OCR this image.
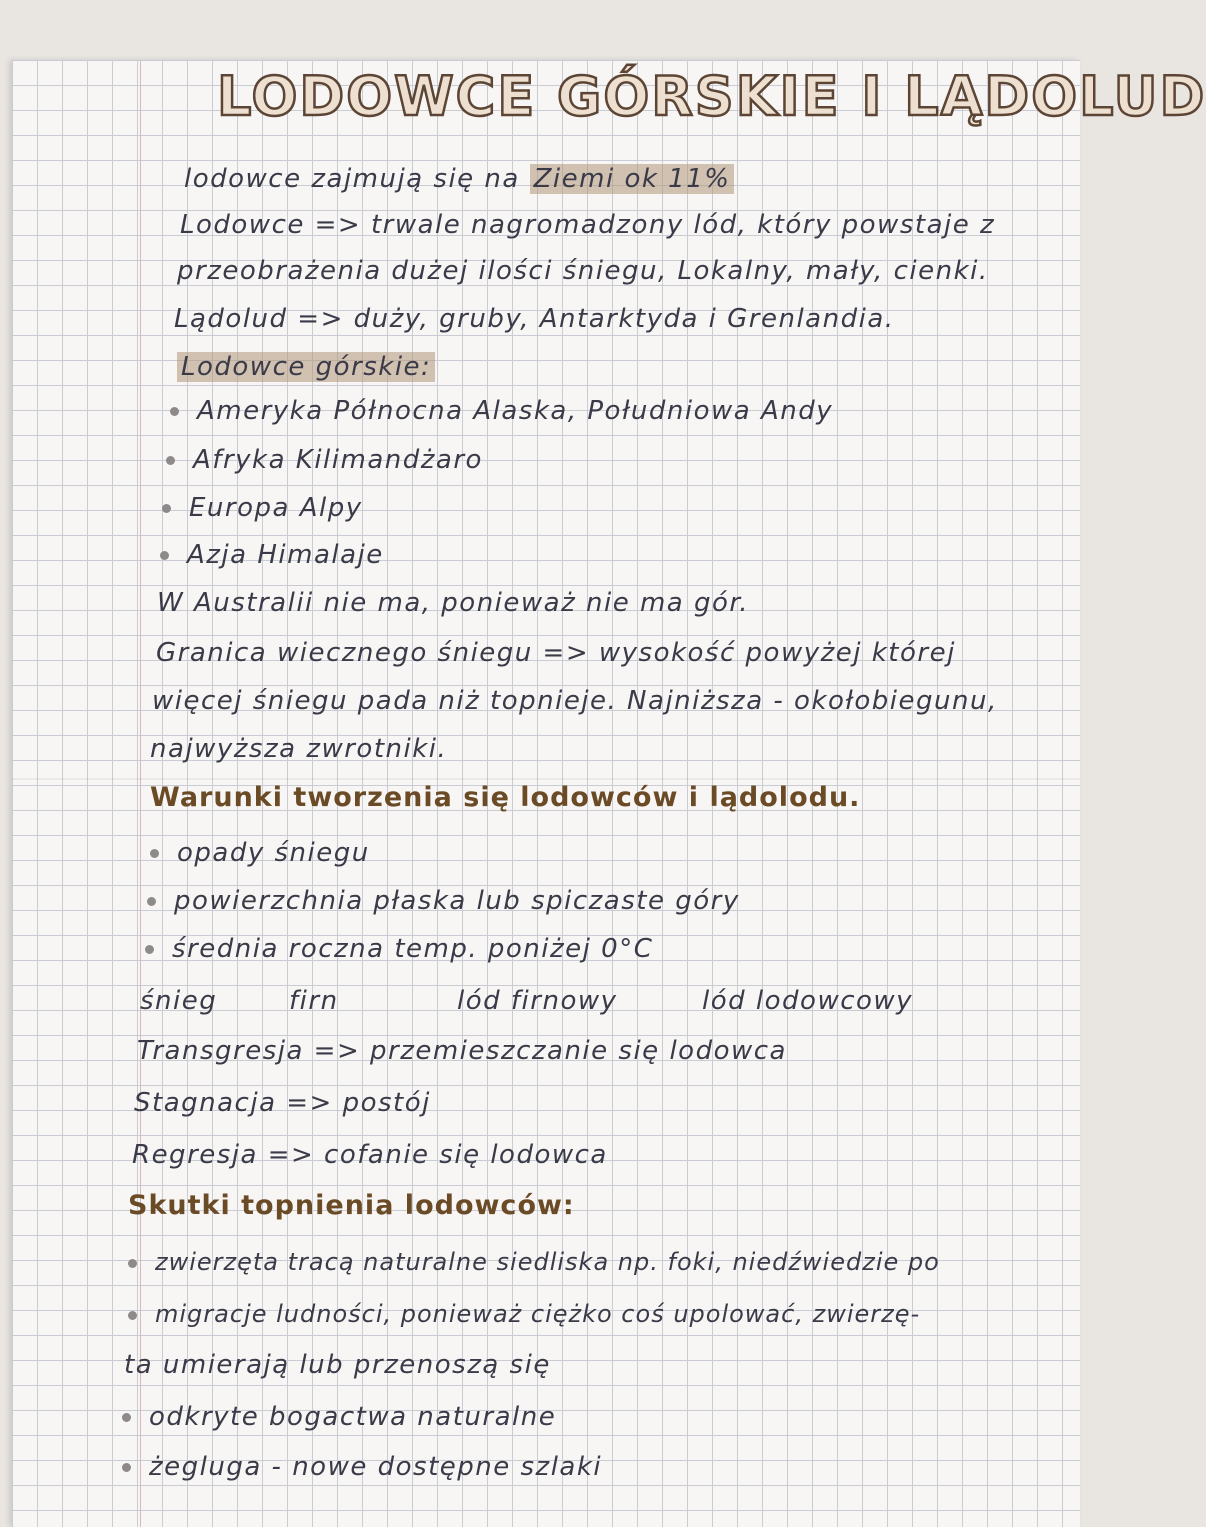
LODOWCE GÓRSKIE I LĄDOLUD
lodowce zajmują się na Ziemi ok 11%
Lodowce => trwale nagromadzony lód, który powstaje z
przeobrażenia dużej ilości śniegu, Lokalny, mały, cienki.
Lądolud => duży, gruby, Antarktyda i Grenlandia.
Lodowce górskie:
Ameryka Północna Alaska, Południowa Andy
Afryka Kilimandżaro
Europa Alpy
Azja Himalaje
W Australii nie ma, ponieważ nie ma gór.
Granica wiecznego śniegu => wysokość powyżej której
więcej śniegu pada niż topnieje. Najniższa - okołobiegunu,
najwyższa zwrotniki.
Warunki tworzenia się lodowców i lądolodu.
opady śniegu
powierzchnia płaska lub spiczaste góry
średnia roczna temp. poniżej 0°C
śnieg	firn	lód firnowy	lód lodowcowy
Transgresja => przemieszczanie się lodowca
Stagnacja => postój
Regresja => cofanie się lodowca
Skutki topnienia lodowców:
zwierzęta tracą naturalne siedliska np. foki, niedźwiedzie po
migracje ludności, ponieważ ciężko coś upolować, zwierzę-
ta umierają lub przenoszą się
odkryte bogactwa naturalne
żegluga - nowe dostępne szlaki
